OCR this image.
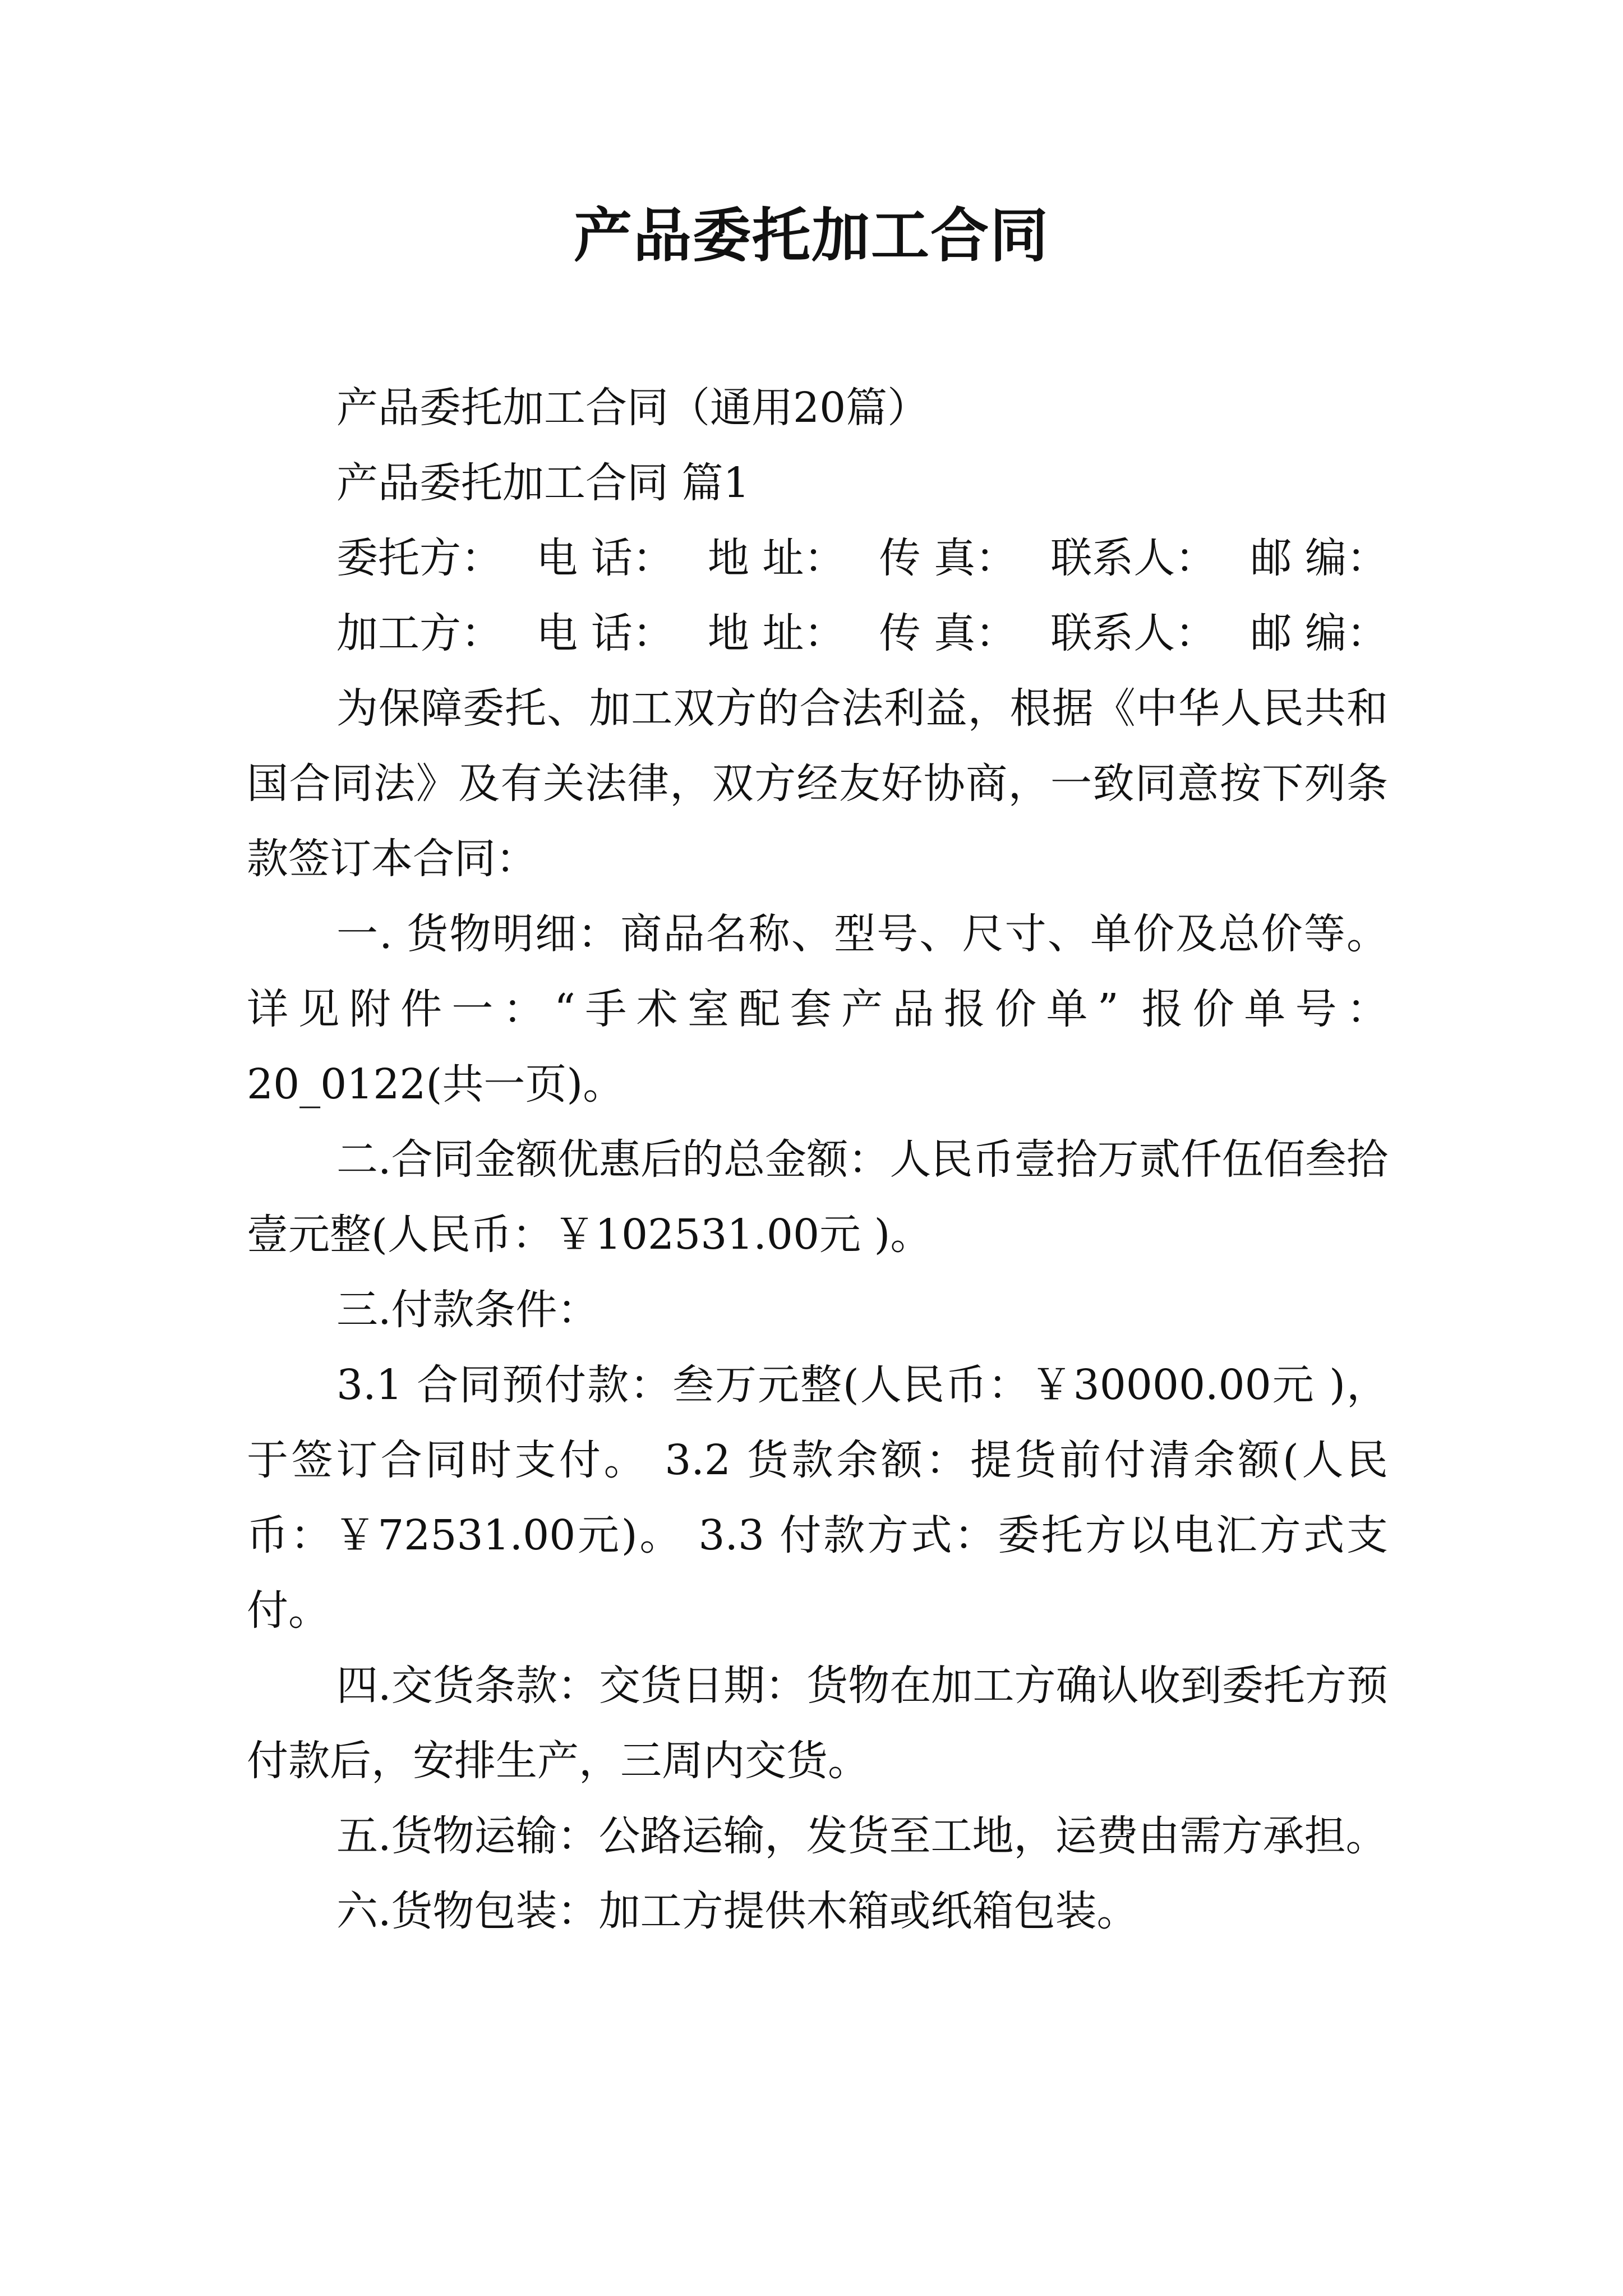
产品委托加工合同

产品委托加工合同（通用20篇）

产品委托加工合同 篇1

委托方： 电 话： 地 址： 传 真： 联系人： 邮 编：
加工方： 电 话： 地 址： 传 真： 联系人： 邮 编：

为保障委托、加工双方的合法利益，根据《中华人民共和国合同法》及有关法律，双方经友好协商，一致同意按下列条款签订本合同：

一. 货物明细：商品名称、型号、尺寸、单价及总价等。详见附件一：“手术室配套产品报价单” 报价单号：20_0122(共一页)。

二.合同金额优惠后的总金额：人民币壹拾万贰仟伍佰叁拾壹元整(人民币：￥102531.00元 )。

三.付款条件：

3.1 合同预付款：叁万元整(人民币：￥30000.00元 )，于签订合同时支付。 3.2 货款余额：提货前付清余额(人民币：￥72531.00元)。 3.3 付款方式：委托方以电汇方式支付。

四.交货条款：交货日期：货物在加工方确认收到委托方预付款后，安排生产，三周内交货。

五.货物运输：公路运输，发货至工地，运费由需方承担。

六.货物包装：加工方提供木箱或纸箱包装。
